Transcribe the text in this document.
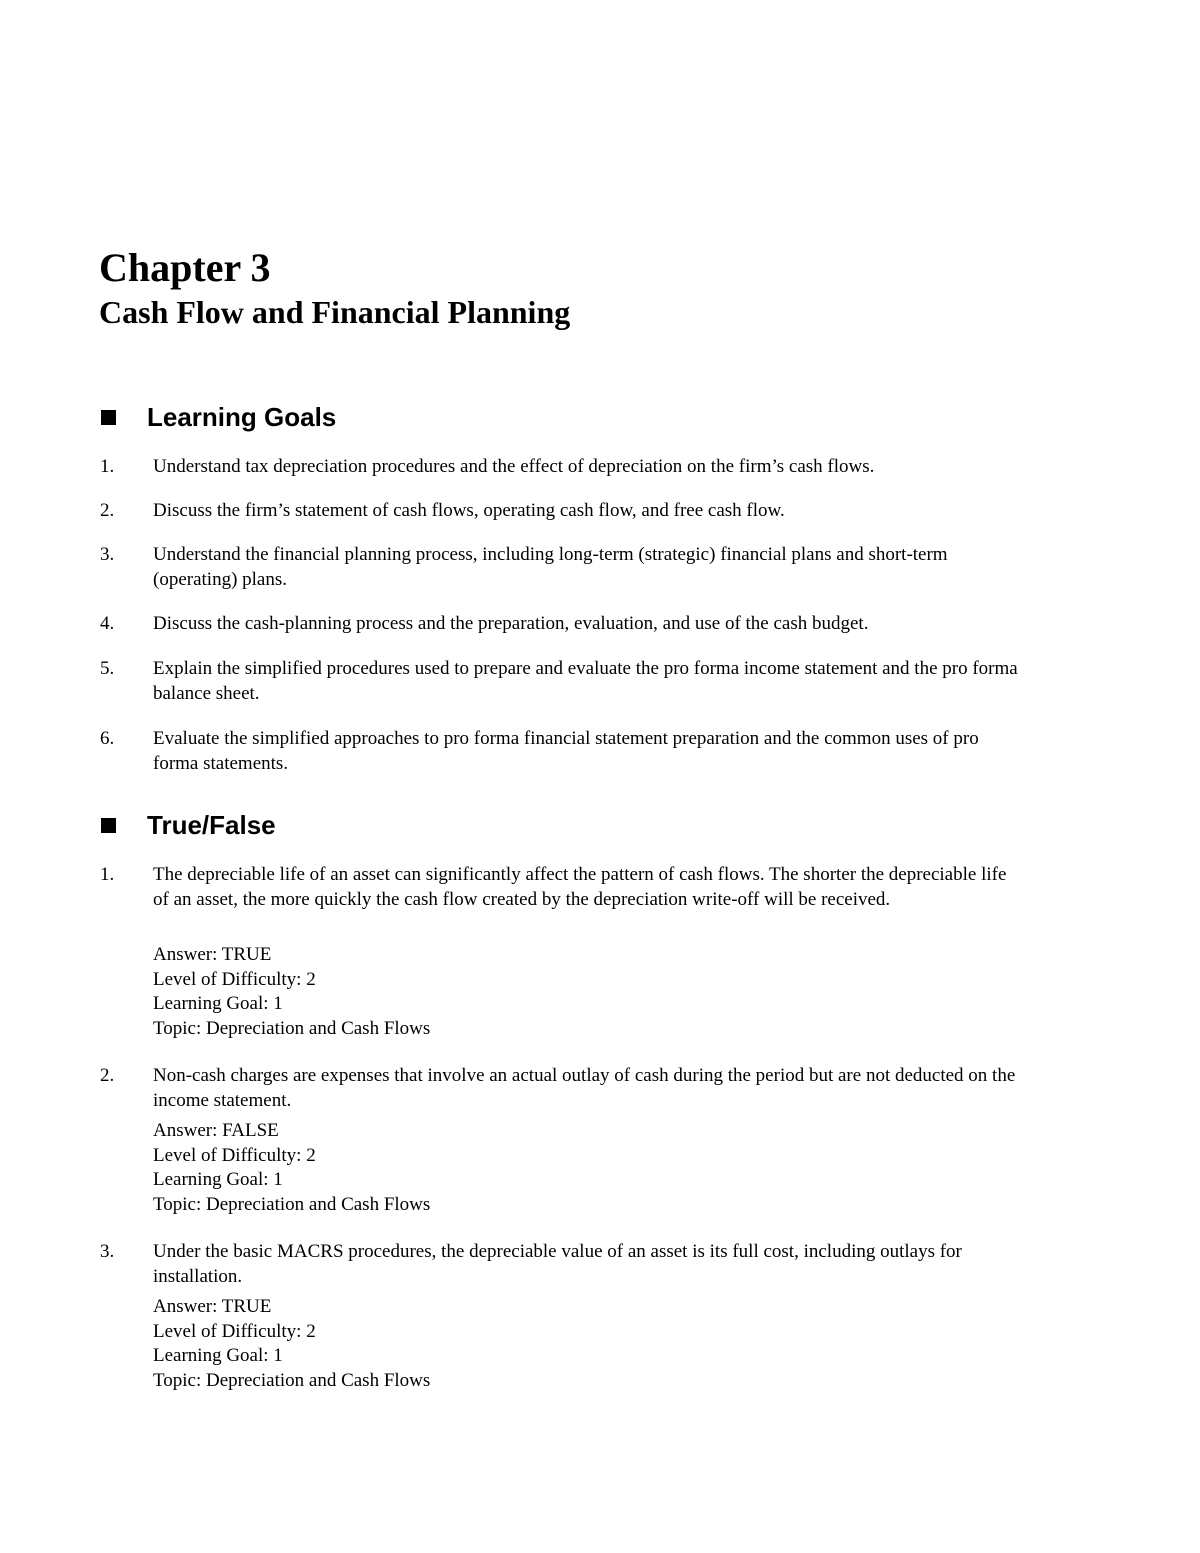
Chapter 3
Cash Flow and Financial Planning
Learning Goals
1. Understand tax depreciation procedures and the effect of depreciation on the firm’s cash flows.
2. Discuss the firm’s statement of cash flows, operating cash flow, and free cash flow.
3. Understand the financial planning process, including long-term (strategic) financial plans and short-term (operating) plans.
4. Discuss the cash-planning process and the preparation, evaluation, and use of the cash budget.
5. Explain the simplified procedures used to prepare and evaluate the pro forma income statement and the pro forma balance sheet.
6. Evaluate the simplified approaches to pro forma financial statement preparation and the common uses of pro forma statements.
True/False
1. The depreciable life of an asset can significantly affect the pattern of cash flows. The shorter the depreciable life of an asset, the more quickly the cash flow created by the depreciation write-off will be received.
Answer: TRUE
Level of Difficulty: 2
Learning Goal: 1
Topic: Depreciation and Cash Flows
2. Non-cash charges are expenses that involve an actual outlay of cash during the period but are not deducted on the income statement.
Answer: FALSE
Level of Difficulty: 2
Learning Goal: 1
Topic: Depreciation and Cash Flows
3. Under the basic MACRS procedures, the depreciable value of an asset is its full cost, including outlays for installation.
Answer: TRUE
Level of Difficulty: 2
Learning Goal: 1
Topic: Depreciation and Cash Flows
